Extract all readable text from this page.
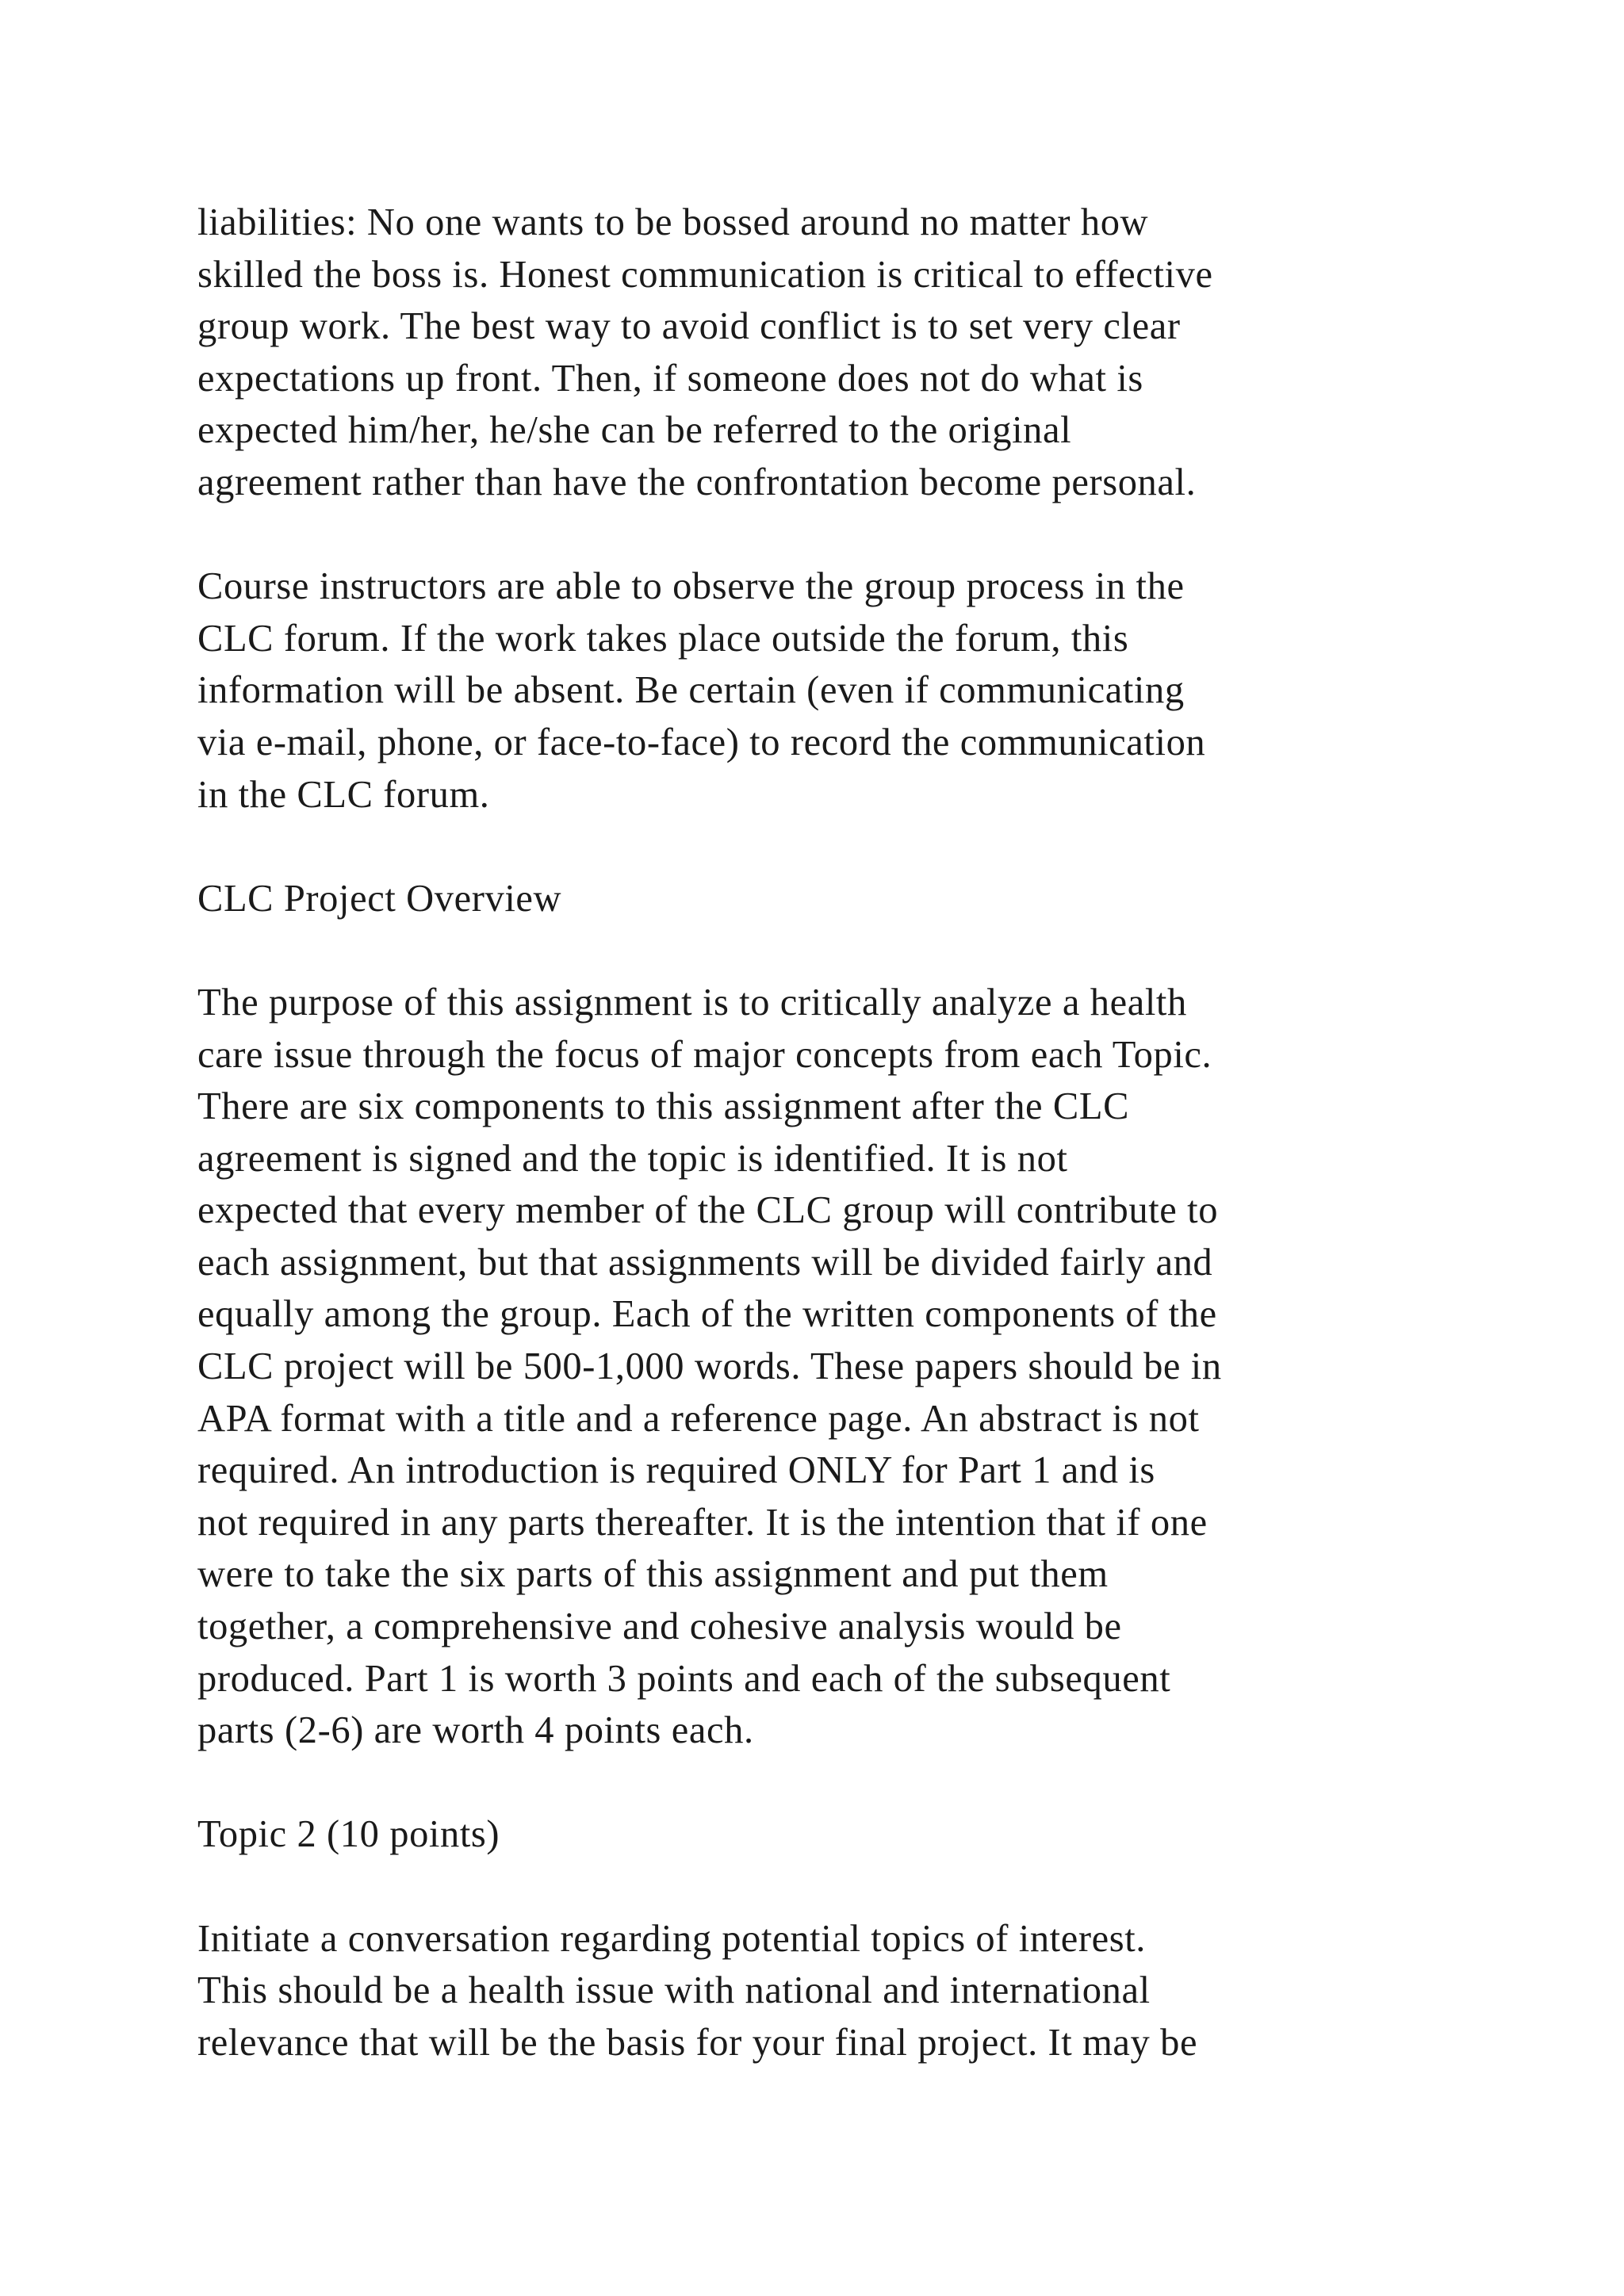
liabilities: No one wants to be bossed around no matter how
skilled the boss is. Honest communication is critical to effective
group work. The best way to avoid conflict is to set very clear
expectations up front. Then, if someone does not do what is
expected him/her, he/she can be referred to the original
agreement rather than have the confrontation become personal.

Course instructors are able to observe the group process in the
CLC forum. If the work takes place outside the forum, this
information will be absent. Be certain (even if communicating
via e-mail, phone, or face-to-face) to record the communication
in the CLC forum.

CLC Project Overview

The purpose of this assignment is to critically analyze a health
care issue through the focus of major concepts from each Topic.
There are six components to this assignment after the CLC
agreement is signed and the topic is identified. It is not
expected that every member of the CLC group will contribute to
each assignment, but that assignments will be divided fairly and
equally among the group. Each of the written components of the
CLC project will be 500-1,000 words. These papers should be in
APA format with a title and a reference page. An abstract is not
required. An introduction is required ONLY for Part 1 and is
not required in any parts thereafter. It is the intention that if one
were to take the six parts of this assignment and put them
together, a comprehensive and cohesive analysis would be
produced. Part 1 is worth 3 points and each of the subsequent
parts (2-6) are worth 4 points each.

Topic 2 (10 points)

Initiate a conversation regarding potential topics of interest.
This should be a health issue with national and international
relevance that will be the basis for your final project. It may be
